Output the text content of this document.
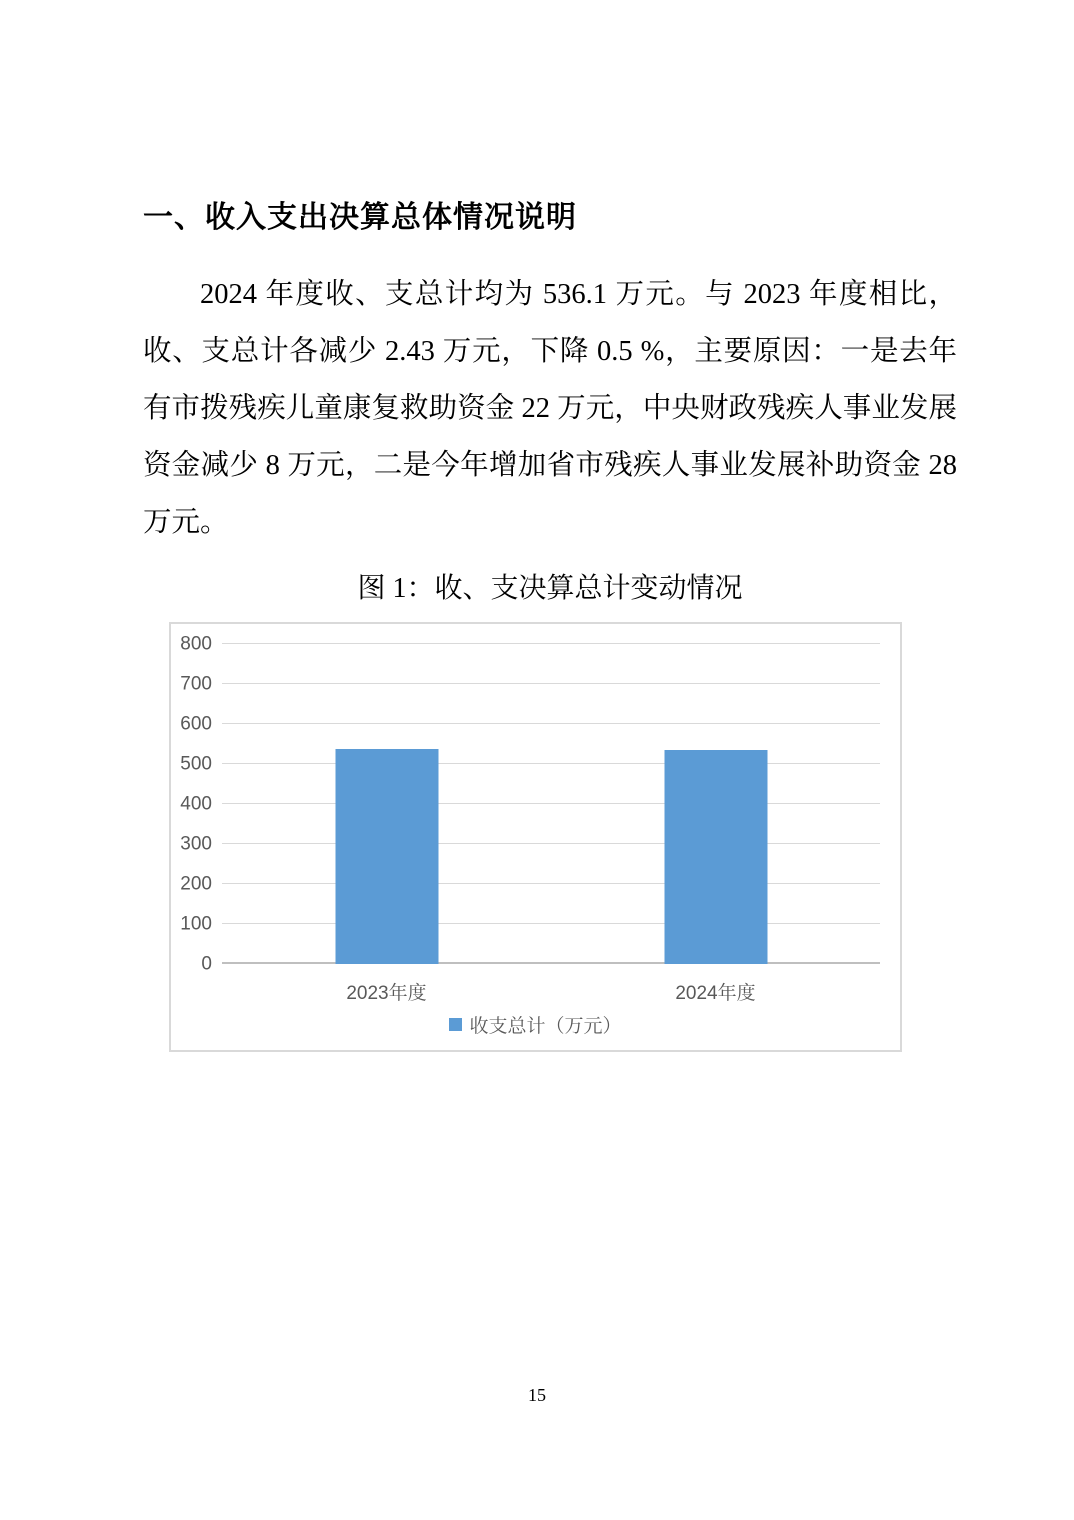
一、收入支出决算总体情况说明

2024 年度收、支总计均为 536.1 万元。与 2023 年度相比，收、支总计各减少 2.43 万元，下降 0.5 %，主要原因：一是去年有市拨残疾儿童康复救助资金 22 万元，中央财政残疾人事业发展资金减少 8 万元，二是今年增加省市残疾人事业发展补助资金 28 万元。

图 1：收、支决算总计变动情况
0
100
200
300
400
500
600
700
800
2023年度	2024年度
收支总计（万元）
15
